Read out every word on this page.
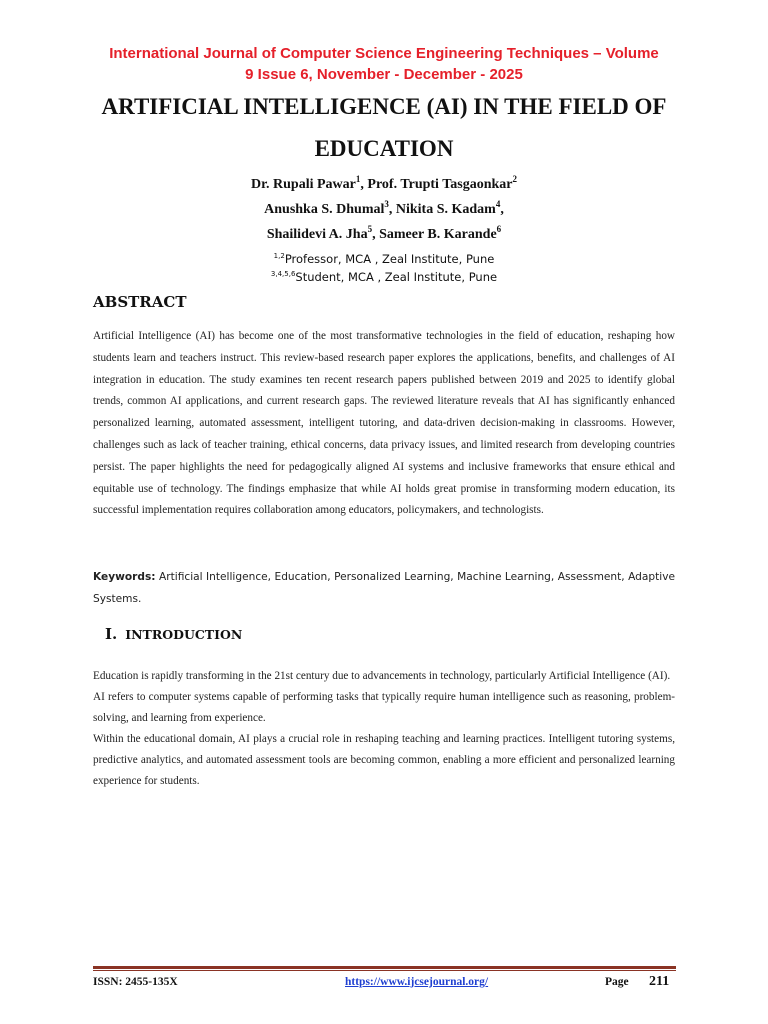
International Journal of Computer Science Engineering Techniques – Volume
9 Issue 6, November - December - 2025
ARTIFICIAL INTELLIGENCE (AI) IN THE FIELD OF
EDUCATION
Dr. Rupali Pawar$^1$, Prof. Trupti Tasgaonkar$^2$
Anushka S. Dhumal$^3$, Nikita S. Kadam$^4$,
Shailidevi A. Jha$^5$, Sameer B. Karande$^6$
$^{1,2}$Professor, MCA , Zeal Institute, Pune
$^{3,4,5,6}$Student, MCA , Zeal Institute, Pune
ABSTRACT
Artificial Intelligence (AI) has become one of the most transformative technologies in the field of education, reshaping how students learn and teachers instruct. This review-based research paper explores the applications, benefits, and challenges of AI integration in education. The study examines ten recent research papers published between 2019 and 2025 to identify global trends, common AI applications, and current research gaps. The reviewed literature reveals that AI has significantly enhanced personalized learning, automated assessment, intelligent tutoring, and data-driven decision-making in classrooms. However, challenges such as lack of teacher training, ethical concerns, data privacy issues, and limited research from developing countries persist. The paper highlights the need for pedagogically aligned AI systems and inclusive frameworks that ensure ethical and equitable use of technology. The findings emphasize that while AI holds great promise in transforming modern education, its successful implementation requires collaboration among educators, policymakers, and technologists.
Keywords: Artificial Intelligence, Education, Personalized Learning, Machine Learning, Assessment, Adaptive Systems.
I. INTRODUCTION

Education is rapidly transforming in the 21st century due to advancements in technology, particularly Artificial Intelligence (AI).

AI refers to computer systems capable of performing tasks that typically require human intelligence such as reasoning, problem-solving, and learning from experience.

Within the educational domain, AI plays a crucial role in reshaping teaching and learning practices. Intelligent tutoring systems, predictive analytics, and automated assessment tools are becoming common, enabling a more efficient and personalized learning experience for students.

ISSN: 2455-135X	https://www.ijcsejournal.org/	Page 211
